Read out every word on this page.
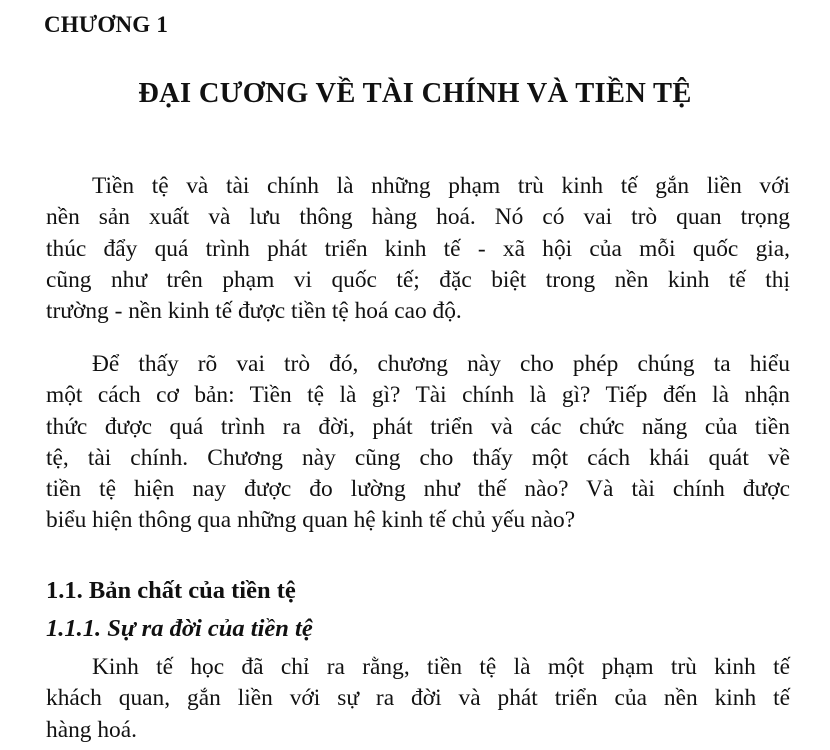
CHƯƠNG 1
ĐẠI CƯƠNG VỀ TÀI CHÍNH VÀ TIỀN TỆ

Tiền tệ và tài chính là những phạm trù kinh tế gắn liền với
nền sản xuất và lưu thông hàng hoá. Nó có vai trò quan trọng
thúc đẩy quá trình phát triển kinh tế - xã hội của mỗi quốc gia,
cũng như trên phạm vi quốc tế; đặc biệt trong nền kinh tế thị
trường - nền kinh tế được tiền tệ hoá cao độ.

Để thấy rõ vai trò đó, chương này cho phép chúng ta hiểu
một cách cơ bản: Tiền tệ là gì? Tài chính là gì? Tiếp đến là nhận
thức được quá trình ra đời, phát triển và các chức năng của tiền
tệ, tài chính. Chương này cũng cho thấy một cách khái quát về
tiền tệ hiện nay được đo lường như thế nào? Và tài chính được
biểu hiện thông qua những quan hệ kinh tế chủ yếu nào?

1.1. Bản chất của tiền tệ
1.1.1. Sự ra đời của tiền tệ

Kinh tế học đã chỉ ra rằng, tiền tệ là một phạm trù kinh tế
khách quan, gắn liền với sự ra đời và phát triển của nền kinh tế
hàng hoá.
